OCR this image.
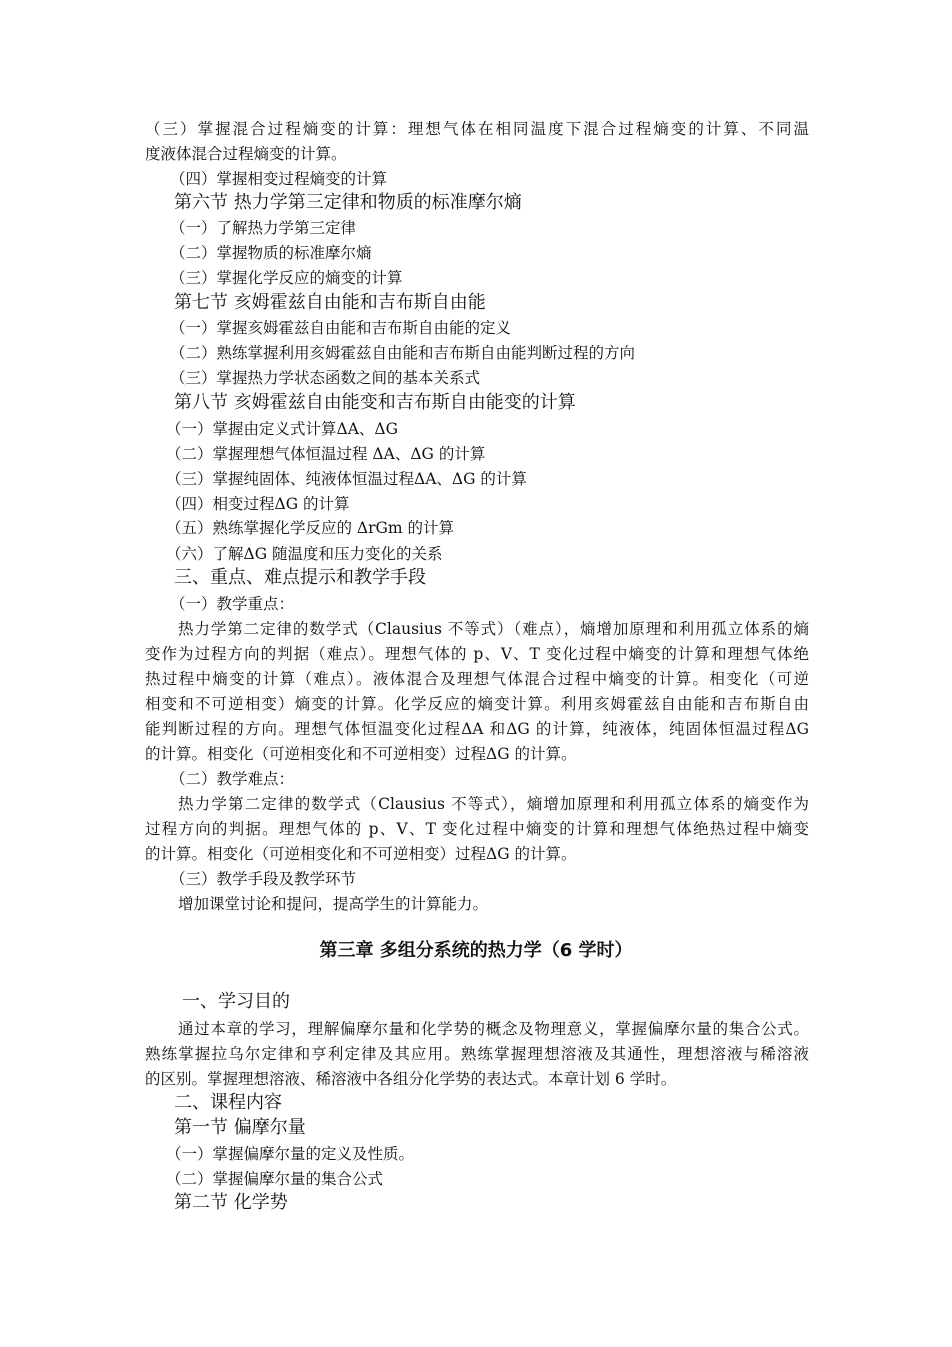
（三）掌握混合过程熵变的计算：理想气体在相同温度下混合过程熵变的计算、不同温
度液体混合过程熵变的计算。
（四）掌握相变过程熵变的计算
第六节 热力学第三定律和物质的标准摩尔熵
（一）了解热力学第三定律
（二）掌握物质的标准摩尔熵
（三）掌握化学反应的熵变的计算
第七节 亥姆霍兹自由能和吉布斯自由能
（一）掌握亥姆霍兹自由能和吉布斯自由能的定义
（二）熟练掌握利用亥姆霍兹自由能和吉布斯自由能判断过程的方向
（三）掌握热力学状态函数之间的基本关系式
第八节 亥姆霍兹自由能变和吉布斯自由能变的计算
（一）掌握由定义式计算ΔA、ΔG
（二）掌握理想气体恒温过程 ΔA、ΔG 的计算
（三）掌握纯固体、纯液体恒温过程ΔA、ΔG 的计算
（四）相变过程ΔG 的计算
（五）熟练掌握化学反应的 ΔrGm 的计算
（六）了解ΔG 随温度和压力变化的关系
三、重点、难点提示和教学手段
（一）教学重点：
热力学第二定律的数学式（Clausius 不等式）（难点），熵增加原理和利用孤立体系的熵
变作为过程方向的判据（难点）。理想气体的 p、V、T 变化过程中熵变的计算和理想气体绝
热过程中熵变的计算（难点）。液体混合及理想气体混合过程中熵变的计算。相变化（可逆
相变和不可逆相变）熵变的计算。化学反应的熵变计算。利用亥姆霍兹自由能和吉布斯自由
能判断过程的方向。理想气体恒温变化过程ΔA 和ΔG 的计算，纯液体，纯固体恒温过程ΔG
的计算。相变化（可逆相变化和不可逆相变）过程ΔG 的计算。
（二）教学难点：
热力学第二定律的数学式（Clausius 不等式），熵增加原理和利用孤立体系的熵变作为
过程方向的判据。理想气体的 p、V、T 变化过程中熵变的计算和理想气体绝热过程中熵变
的计算。相变化（可逆相变化和不可逆相变）过程ΔG 的计算。
（三）教学手段及教学环节
增加课堂讨论和提问，提高学生的计算能力。
第三章 多组分系统的热力学（6 学时）
一、学习目的
通过本章的学习，理解偏摩尔量和化学势的概念及物理意义，掌握偏摩尔量的集合公式。
熟练掌握拉乌尔定律和亨利定律及其应用。熟练掌握理想溶液及其通性，理想溶液与稀溶液
的区别。掌握理想溶液、稀溶液中各组分化学势的表达式。本章计划 6 学时。
二、课程内容
第一节 偏摩尔量
（一）掌握偏摩尔量的定义及性质。
（二）掌握偏摩尔量的集合公式
第二节 化学势
